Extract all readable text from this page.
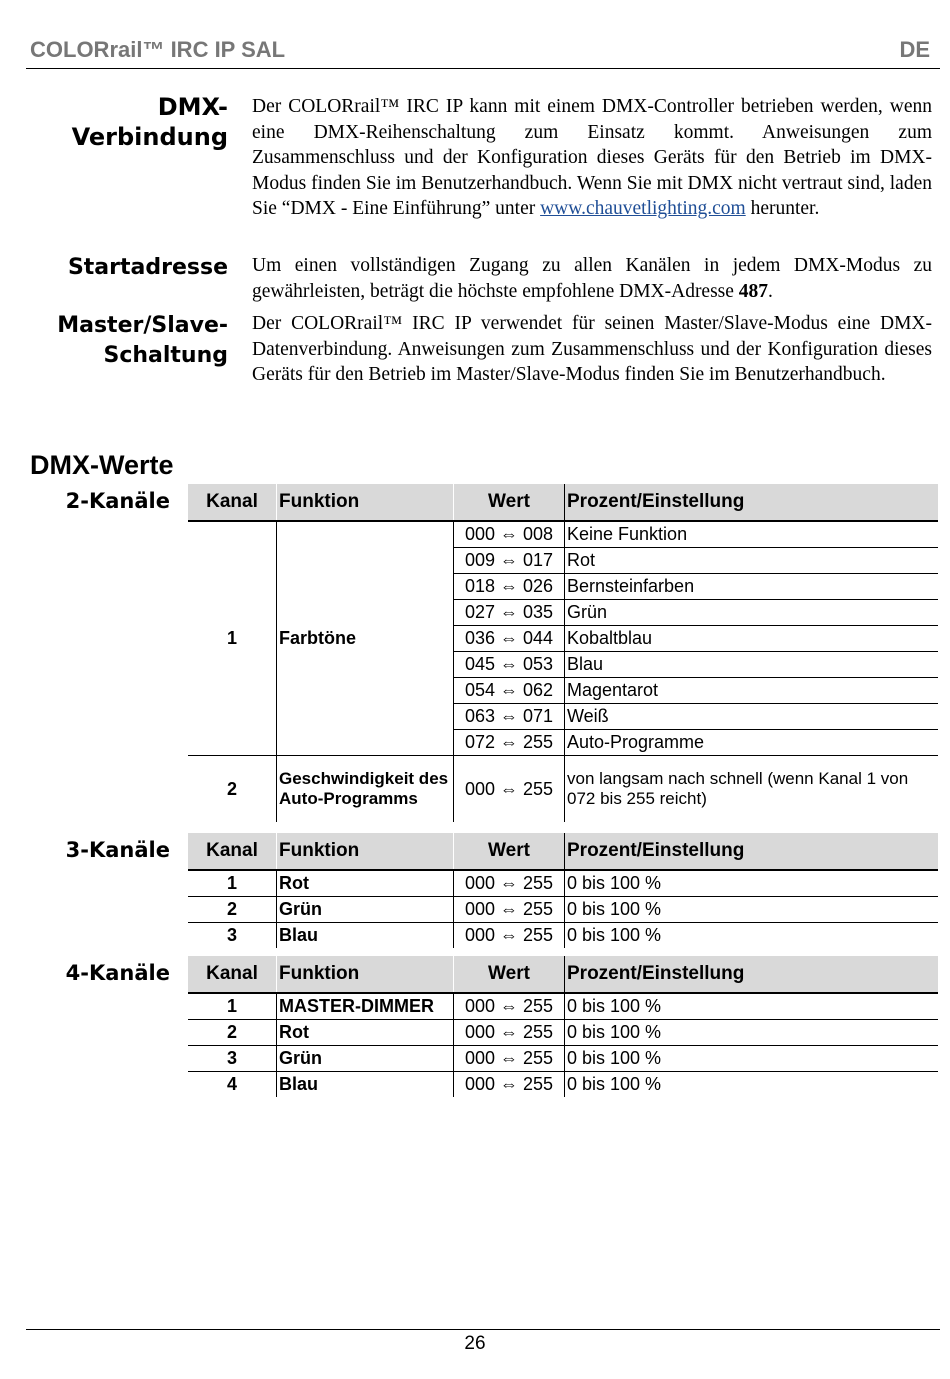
COLORrail™ IRC IP SAL	DE
DMX-
Verbindung
Der COLORrail™ IRC IP kann mit einem DMX-Controller betrieben werden, wenn eine DMX-Reihenschaltung zum Einsatz kommt. Anweisungen zum Zusammenschluss und der Konfiguration dieses Geräts für den Betrieb im DMX-Modus finden Sie im Benutzerhandbuch. Wenn Sie mit DMX nicht vertraut sind, laden Sie “DMX - Eine Einführung” unter www.chauvetlighting.com herunter.
Startadresse Um einen vollständigen Zugang zu allen Kanälen in jedem DMX-Modus zu gewährleisten, beträgt die höchste empfohlene DMX-Adresse 487.
Master/Slave-
Schaltung
Der COLORrail™ IRC IP verwendet für seinen Master/Slave-Modus eine DMX-Datenverbindung. Anweisungen zum Zusammenschluss und der Konfiguration dieses Geräts für den Betrieb im Master/Slave-Modus finden Sie im Benutzerhandbuch.
DMX-Werte
2-Kanäle
3-Kanäle
4-Kanäle
Kanal	Funktion	Wert	Prozent/Einstellung
1	Farbtöne	000 ⇔ 008	Keine Funktion
		009 ⇔ 017	Rot
		018 ⇔ 026	Bernsteinfarben
		027 ⇔ 035	Grün
		036 ⇔ 044	Kobaltblau
		045 ⇔ 053	Blau
		054 ⇔ 062	Magentarot
		063 ⇔ 071	Weiß
		072 ⇔ 255	Auto-Programme
2	Geschwindigkeit des Auto-Programms	000 ⇔ 255	von langsam nach schnell (wenn Kanal 1 von 072 bis 255 reicht)
Kanal	Funktion	Wert	Prozent/Einstellung
1	Rot	000 ⇔ 255	0 bis 100 %
2	Grün	000 ⇔ 255	0 bis 100 %
3	Blau	000 ⇔ 255	0 bis 100 %
Kanal	Funktion	Wert	Prozent/Einstellung
1	MASTER-DIMMER	000 ⇔ 255	0 bis 100 %
2	Rot	000 ⇔ 255	0 bis 100 %
3	Grün	000 ⇔ 255	0 bis 100 %
4	Blau	000 ⇔ 255	0 bis 100 %
26
